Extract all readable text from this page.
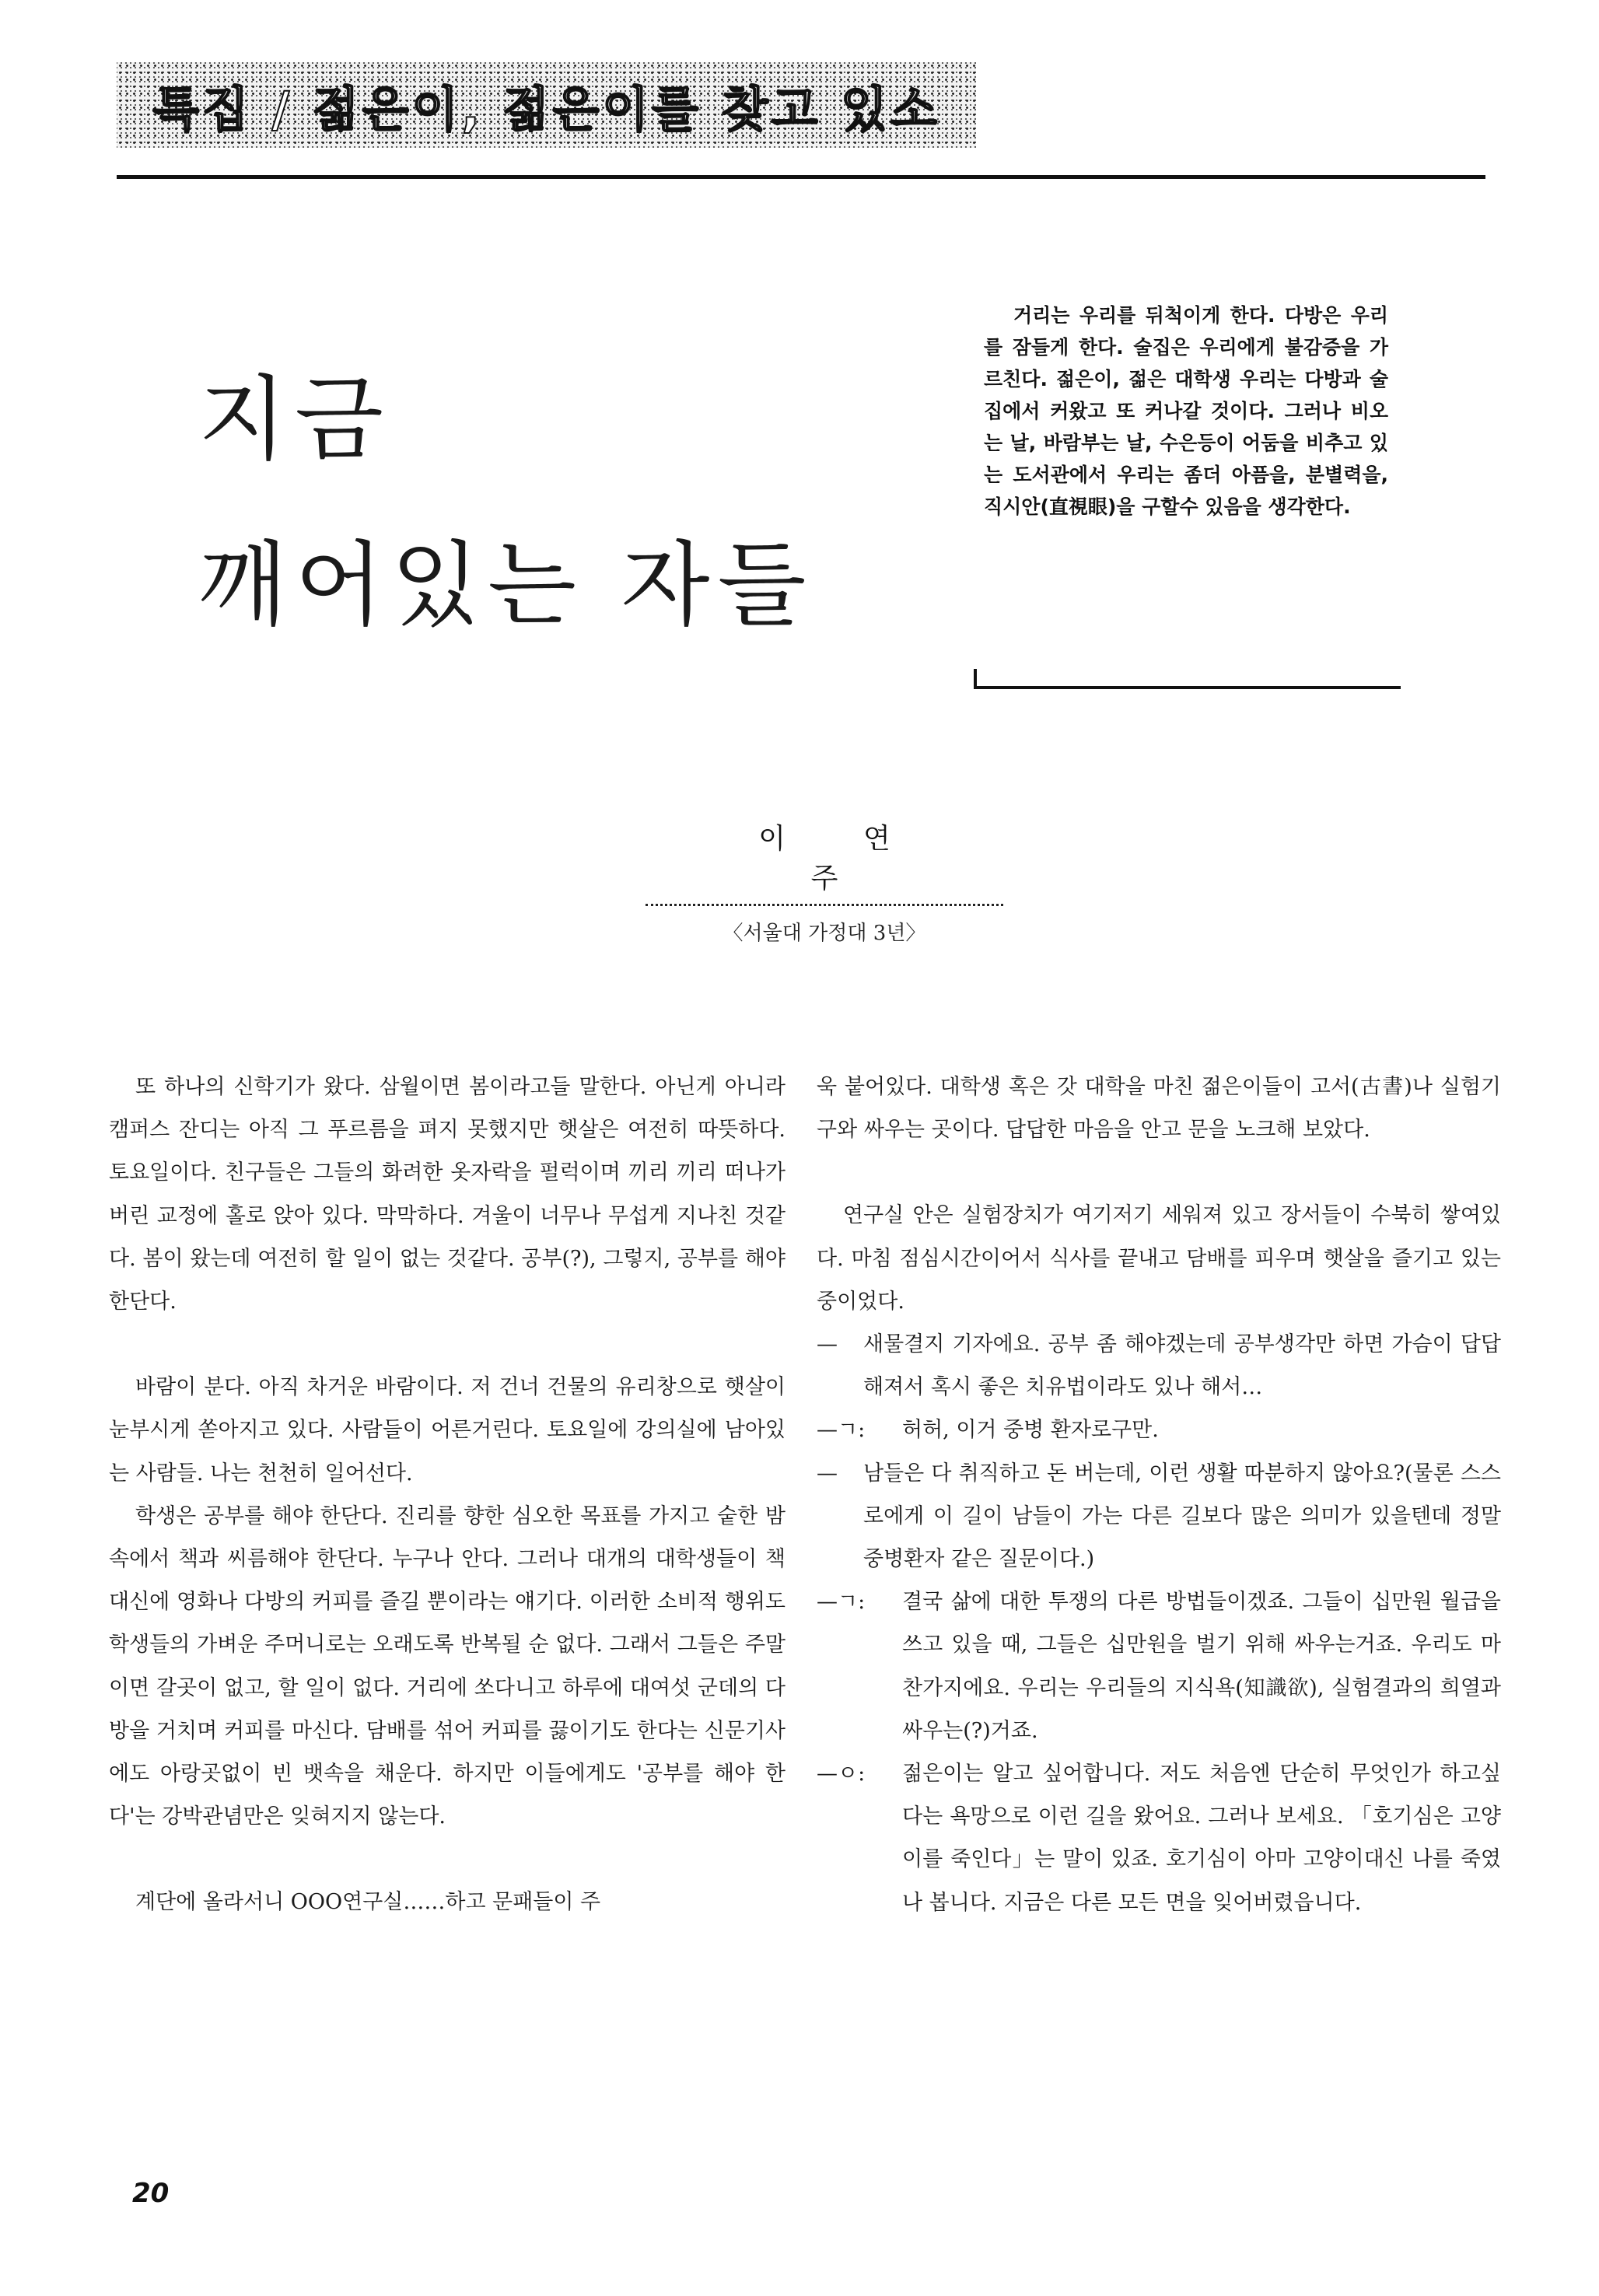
특집 / 젊은이, 젊은이를 찾고 있소
지금
깨어있는 자들
거리는 우리를 뒤척이게 한다. 다방은 우리를 잠들게 한다. 술집은 우리에게 불감증을 가르친다. 젊은이, 젊은 대학생 우리는 다방과 술집에서 커왔고 또 커나갈 것이다. 그러나 비오는 날, 바람부는 날, 수은등이 어둠을 비추고 있는 도서관에서 우리는 좀더 아픔을, 분별력을, 직시안(直視眼)을 구할수 있음을 생각한다.
이연주
〈서울대 가정대 3년〉

또 하나의 신학기가 왔다. 삼월이면 봄이라고들 말한다. 아닌게 아니라 캠퍼스 잔디는 아직 그 푸르름을 펴지 못했지만 햇살은 여전히 따뜻하다. 토요일이다. 친구들은 그들의 화려한 옷자락을 펄럭이며 끼리 끼리 떠나가 버린 교정에 홀로 앉아 있다. 막막하다. 겨울이 너무나 무섭게 지나친 것같다. 봄이 왔는데 여전히 할 일이 없는 것같다. 공부(?), 그렇지, 공부를 해야 한단다.

바람이 분다. 아직 차거운 바람이다. 저 건너 건물의 유리창으로 햇살이 눈부시게 쏟아지고 있다. 사람들이 어른거린다. 토요일에 강의실에 남아있는 사람들. 나는 천천히 일어선다.

학생은 공부를 해야 한단다. 진리를 향한 심오한 목표를 가지고 숱한 밤 속에서 책과 씨름해야 한단다. 누구나 안다. 그러나 대개의 대학생들이 책 대신에 영화나 다방의 커피를 즐길 뿐이라는 얘기다. 이러한 소비적 행위도 학생들의 가벼운 주머니로는 오래도록 반복될 순 없다. 그래서 그들은 주말이면 갈곳이 없고, 할 일이 없다. 거리에 쏘다니고 하루에 대여섯 군데의 다방을 거치며 커피를 마신다. 담배를 섞어 커피를 끓이기도 한다는 신문기사에도 아랑곳없이 빈 뱃속을 채운다. 하지만 이들에게도 '공부를 해야 한다'는 강박관념만은 잊혀지지 않는다.

계단에 올라서니 OOO연구실……하고 문패들이 주

욱 붙어있다. 대학생 혹은 갓 대학을 마친 젊은이들이 고서(古書)나 실험기구와 싸우는 곳이다. 답답한 마음을 안고 문을 노크해 보았다.

연구실 안은 실험장치가 여기저기 세워져 있고 장서들이 수북히 쌓여있다. 마침 점심시간이어서 식사를 끝내고 담배를 피우며 햇살을 즐기고 있는 중이었다.

—	새물결지 기자에요. 공부 좀 해야겠는데 공부생각만 하면 가슴이 답답해져서 혹시 좋은 치유법이라도 있나 해서…
—ㄱ:	허허, 이거 중병 환자로구만.
—	남들은 다 취직하고 돈 버는데, 이런 생활 따분하지 않아요?(물론 스스로에게 이 길이 남들이 가는 다른 길보다 많은 의미가 있을텐데 정말 중병환자 같은 질문이다.)
—ㄱ:	결국 삶에 대한 투쟁의 다른 방법들이겠죠. 그들이 십만원 월급을 쓰고 있을 때, 그들은 십만원을 벌기 위해 싸우는거죠. 우리도 마찬가지에요. 우리는 우리들의 지식욕(知識欲), 실험결과의 희열과 싸우는(?)거죠.
—ㅇ:	젊은이는 알고 싶어합니다. 저도 처음엔 단순히 무엇인가 하고싶다는 욕망으로 이런 길을 왔어요. 그러나 보세요. 「호기심은 고양이를 죽인다」는 말이 있죠. 호기심이 아마 고양이대신 나를 죽였나 봅니다. 지금은 다른 모든 면을 잊어버렸읍니다.
20
